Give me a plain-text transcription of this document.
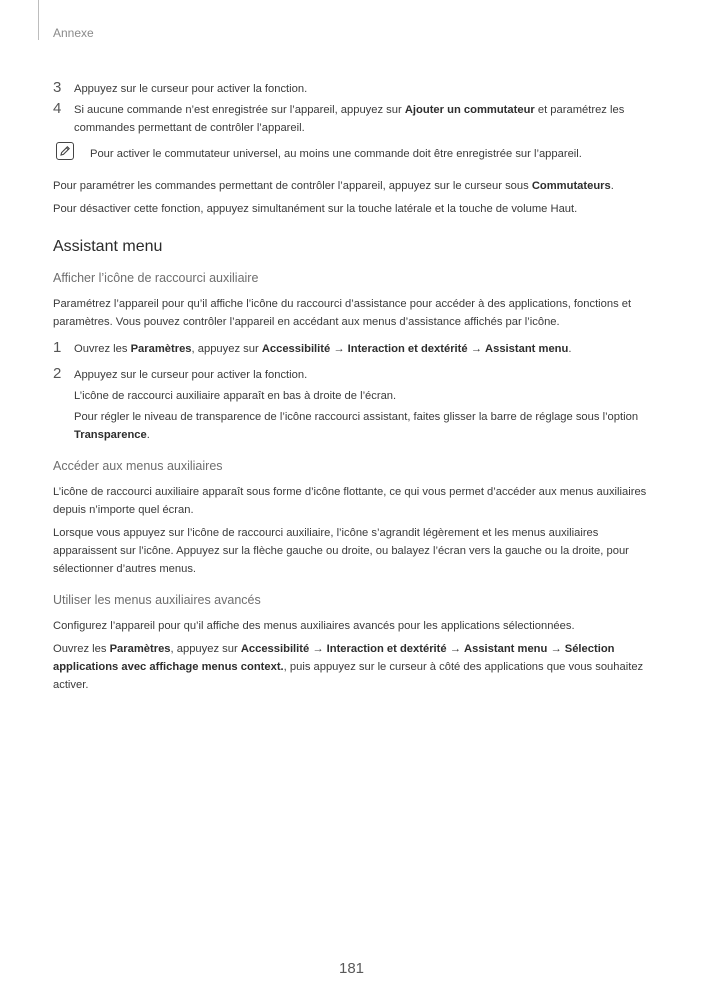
Annexe
3 Appuyez sur le curseur pour activer la fonction.
4 Si aucune commande n’est enregistrée sur l’appareil, appuyez sur Ajouter un commutateur et paramétrez les commandes permettant de contrôler l’appareil.
Pour activer le commutateur universel, au moins une commande doit être enregistrée sur l’appareil.

Pour paramétrer les commandes permettant de contrôler l’appareil, appuyez sur le curseur sous Commutateurs.

Pour désactiver cette fonction, appuyez simultanément sur la touche latérale et la touche de volume Haut.

Assistant menu
Afficher l’icône de raccourci auxiliaire

Paramétrez l’appareil pour qu’il affiche l’icône du raccourci d’assistance pour accéder à des applications, fonctions et paramètres. Vous pouvez contrôler l’appareil en accédant aux menus d’assistance affichés par l’icône.

1 Ouvrez les Paramètres, appuyez sur Accessibilité → Interaction et dextérité → Assistant menu.
2 Appuyez sur le curseur pour activer la fonction.
L’icône de raccourci auxiliaire apparaît en bas à droite de l’écran.
Pour régler le niveau de transparence de l’icône raccourci assistant, faites glisser la barre de réglage sous l’option Transparence.
Accéder aux menus auxiliaires

L’icône de raccourci auxiliaire apparaît sous forme d’icône flottante, ce qui vous permet d’accéder aux menus auxiliaires depuis n’importe quel écran.

Lorsque vous appuyez sur l’icône de raccourci auxiliaire, l’icône s’agrandit légèrement et les menus auxiliaires apparaissent sur l’icône. Appuyez sur la flèche gauche ou droite, ou balayez l’écran vers la gauche ou la droite, pour sélectionner d’autres menus.

Utiliser les menus auxiliaires avancés

Configurez l’appareil pour qu’il affiche des menus auxiliaires avancés pour les applications sélectionnées.

Ouvrez les Paramètres, appuyez sur Accessibilité → Interaction et dextérité → Assistant menu → Sélection applications avec affichage menus context., puis appuyez sur le curseur à côté des applications que vous souhaitez activer.

181
